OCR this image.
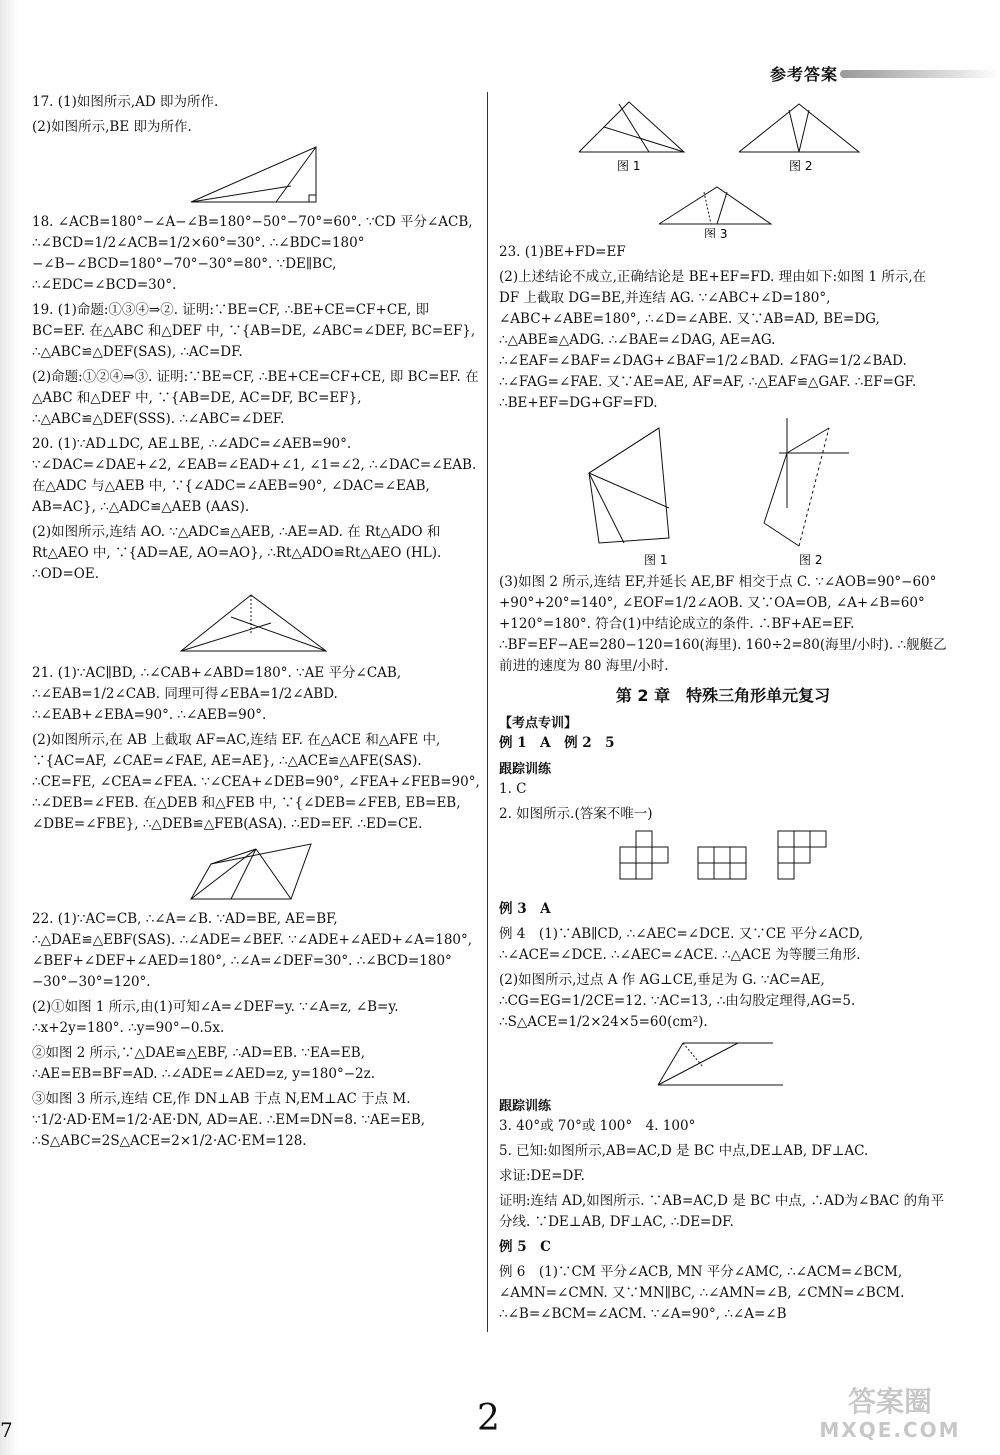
参考答案

17. (1)如图所示,AD 即为所作.

(2)如图所示,BE 即为所作.

18. ∠ACB=180°−∠A−∠B=180°−50°−70°=60°. ∵CD 平分∠ACB, ∴∠BCD=1/2∠ACB=1/2×60°=30°. ∴∠BDC=180°−∠B−∠BCD=180°−70°−30°=80°. ∵DE∥BC, ∴∠EDC=∠BCD=30°.

19. (1)命题:①③④⇒②. 证明:∵BE=CF, ∴BE+CE=CF+CE, 即 BC=EF. 在△ABC 和△DEF 中, ∵{AB=DE, ∠ABC=∠DEF, BC=EF}, ∴△ABC≌△DEF(SAS), ∴AC=DF.

(2)命题:①②④⇒③. 证明:∵BE=CF, ∴BE+CE=CF+CE, 即 BC=EF. 在△ABC 和△DEF 中, ∵{AB=DE, AC=DF, BC=EF}, ∴△ABC≌△DEF(SSS). ∴∠ABC=∠DEF.

20. (1)∵AD⊥DC, AE⊥BE, ∴∠ADC=∠AEB=90°. ∵∠DAC=∠DAE+∠2, ∠EAB=∠EAD+∠1, ∠1=∠2, ∴∠DAC=∠EAB. 在△ADC 与△AEB 中, ∵{∠ADC=∠AEB=90°, ∠DAC=∠EAB, AB=AC}, ∴△ADC≌△AEB (AAS).

(2)如图所示,连结 AO. ∵△ADC≌△AEB, ∴AE=AD. 在 Rt△ADO 和 Rt△AEO 中, ∵{AD=AE, AO=AO}, ∴Rt△ADO≌Rt△AEO (HL). ∴OD=OE.

21. (1)∵AC∥BD, ∴∠CAB+∠ABD=180°. ∵AE 平分∠CAB, ∴∠EAB=1/2∠CAB. 同理可得∠EBA=1/2∠ABD. ∴∠EAB+∠EBA=90°. ∴∠AEB=90°.

(2)如图所示,在 AB 上截取 AF=AC,连结 EF. 在△ACE 和△AFE 中, ∵{AC=AF, ∠CAE=∠FAE, AE=AE}, ∴△ACE≌△AFE(SAS). ∴CE=FE, ∠CEA=∠FEA. ∵∠CEA+∠DEB=90°, ∠FEA+∠FEB=90°, ∴∠DEB=∠FEB. 在△DEB 和△FEB 中, ∵{∠DEB=∠FEB, EB=EB, ∠DBE=∠FBE}, ∴△DEB≌△FEB(ASA). ∴ED=EF. ∴ED=CE.

22. (1)∵AC=CB, ∴∠A=∠B. ∵AD=BE, AE=BF, ∴△DAE≌△EBF(SAS). ∴∠ADE=∠BEF. ∵∠ADE+∠AED+∠A=180°, ∠BEF+∠DEF+∠AED=180°, ∴∠A=∠DEF=30°. ∴∠BCD=180°−30°−30°=120°.

(2)①如图 1 所示,由(1)可知∠A=∠DEF=y. ∵∠A=z, ∠B=y. ∴x+2y=180°. ∴y=90°−0.5x.

②如图 2 所示,∵△DAE≌△EBF, ∴AD=EB. ∵EA=EB, ∴AE=EB=BF=AD. ∴∠ADE=∠AED=z, y=180°−2z.

③如图 3 所示,连结 CE,作 DN⊥AB 于点 N,EM⊥AC 于点 M. ∵1/2·AD·EM=1/2·AE·DN, AD=AE. ∴EM=DN=8. ∵AE=EB, ∴S△ABC=2S△ACE=2×1/2·AC·EM=128.

图 1	图 2
图 3

23. (1)BE+FD=EF

(2)上述结论不成立,正确结论是 BE+EF=FD. 理由如下:如图 1 所示,在 DF 上截取 DG=BE,并连结 AG. ∵∠ABC+∠D=180°, ∠ABC+∠ABE=180°, ∴∠D=∠ABE. 又∵AB=AD, BE=DG, ∴△ABE≌△ADG. ∴∠BAE=∠DAG, AE=AG. ∴∠EAF=∠BAF=∠DAG+∠BAF=1/2∠BAD. ∠FAG=1/2∠BAD. ∴∠FAG=∠FAE. 又∵AE=AE, AF=AF, ∴△EAF≌△GAF. ∴EF=GF. ∴BE+EF=DG+GF=FD.

图 1	图 2

(3)如图 2 所示,连结 EF,并延长 AE,BF 相交于点 C. ∵∠AOB=90°−60°+90°+20°=140°, ∠EOF=1/2∠AOB. 又∵OA=OB, ∠A+∠B=60°+120°=180°. 符合(1)中结论成立的条件. ∴BF+AE=EF. ∴BF=EF−AE=280−120=160(海里). 160÷2=80(海里/小时). ∴舰艇乙前进的速度为 80 海里/小时.

第 2 章　特殊三角形单元复习
【考点专训】

例 1　A　例 2　5

跟踪训练

1. C

2. 如图所示.(答案不唯一)

例 3　A

例 4　(1)∵AB∥CD, ∴∠AEC=∠DCE. 又∵CE 平分∠ACD, ∴∠ACE=∠DCE. ∴∠AEC=∠ACE. ∴△ACE 为等腰三角形.

(2)如图所示,过点 A 作 AG⊥CE,垂足为 G. ∵AC=AE, ∴CG=EG=1/2CE=12. ∵AC=13, ∴由勾股定理得,AG=5. ∴S△ACE=1/2×24×5=60(cm²).

跟踪训练

3. 40°或 70°或 100°　4. 100°

5. 已知:如图所示,AB=AC,D 是 BC 中点,DE⊥AB, DF⊥AC.

求证:DE=DF.

证明:连结 AD,如图所示. ∵AB=AC,D 是 BC 中点, ∴AD为∠BAC 的角平分线. ∵DE⊥AB, DF⊥AC, ∴DE=DF.

例 5　C

例 6　(1)∵CM 平分∠ACB, MN 平分∠AMC, ∴∠ACM=∠BCM, ∠AMN=∠CMN. 又∵MN∥BC, ∴∠AMN=∠B, ∠CMN=∠BCM. ∴∠B=∠BCM=∠ACM. ∵∠A=90°, ∴∠A=∠B

7	2	答案圈
MXQE.COM
